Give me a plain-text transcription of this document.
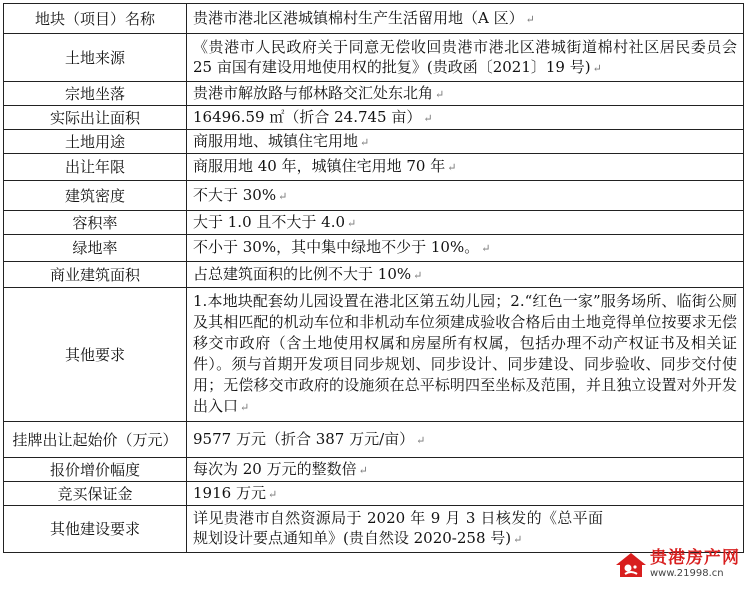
地块（项目）名称	贵港市港北区港城镇棉村生产生活留用地（A 区） ↵
土地来源	《贵港市人民政府关于同意无偿收回贵港市港北区港城街道棉村社区居民委员会 25 亩国有建设用地使用权的批复》(贵政函〔2021〕19 号) ↵
宗地坐落	贵港市解放路与郁林路交汇处东北角 ↵
实际出让面积	16496.59 ㎡（折合 24.745 亩） ↵
土地用途	商服用地、城镇住宅用地 ↵
出让年限	商服用地 40 年，城镇住宅用地 70 年 ↵
建筑密度	不大于 30% ↵
容积率	大于 1.0 且不大于 4.0 ↵
绿地率	不小于 30%，其中集中绿地不少于 10%。 ↵
商业建筑面积	占总建筑面积的比例不大于 10% ↵
其他要求	1.本地块配套幼儿园设置在港北区第五幼儿园；2.“红色一家”服务场所、临街公厕及其相匹配的机动车位和非机动车位须建成验收合格后由土地竞得单位按要求无偿移交市政府（含土地使用权属和房屋所有权属，包括办理不动产权证书及相关证件）。须与首期开发项目同步规划、同步设计、同步建设、同步验收、同步交付使用；无偿移交市政府的设施须在总平标明四至坐标及范围，并且独立设置对外开发出入口 ↵
挂牌出让起始价（万元）	9577 万元（折合 387 万元/亩） ↵
报价增价幅度	每次为 20 万元的整数倍 ↵
竞买保证金	1916 万元 ↵
其他建设要求	详见贵港市自然资源局于 2020 年 9 月 3 日核发的《总平面规划设计要点通知单》(贵自然设 2020-258 号) ↵
贵港房产网
www.21998.cn
